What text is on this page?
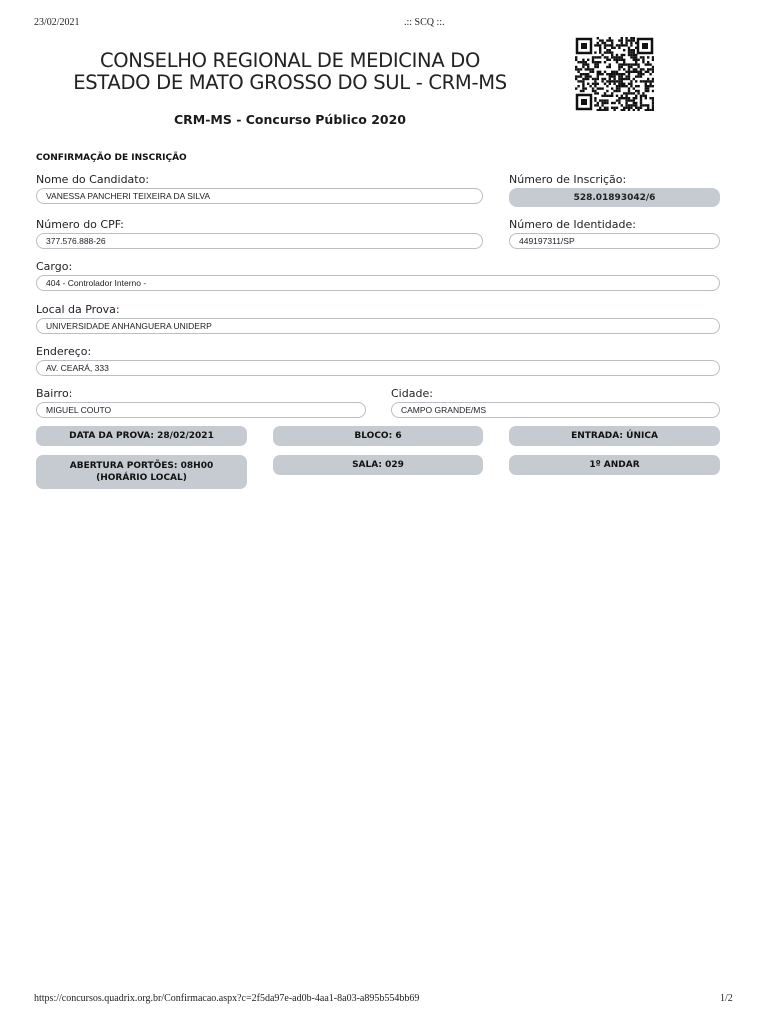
23/02/2021	.:: SCQ ::.
CONSELHO REGIONAL DE MEDICINA DO
ESTADO DE MATO GROSSO DO SUL - CRM-MS
CRM-MS - Concurso Público 2020
CONFIRMAÇÃO DE INSCRIÇÃO
Nome do Candidato:
VANESSA PANCHERI TEIXEIRA DA SILVA
Número de Inscrição:
528.01893042/6
Número do CPF:
377.576.888-26
Número de Identidade:
449197311/SP
Cargo:
404 - Controlador Interno -
Local da Prova:
UNIVERSIDADE ANHANGUERA UNIDERP
Endereço:
AV. CEARÁ, 333
Bairro:
MIGUEL COUTO
Cidade:
CAMPO GRANDE/MS
DATA DA PROVA: 28/02/2021	BLOCO: 6	ENTRADA: ÚNICA
ABERTURA PORTÕES: 08H00
(HORÁRIO LOCAL)
SALA: 029	1º ANDAR
https://concursos.quadrix.org.br/Confirmacao.aspx?c=2f5da97e-ad0b-4aa1-8a03-a895b554bb69	1/2
